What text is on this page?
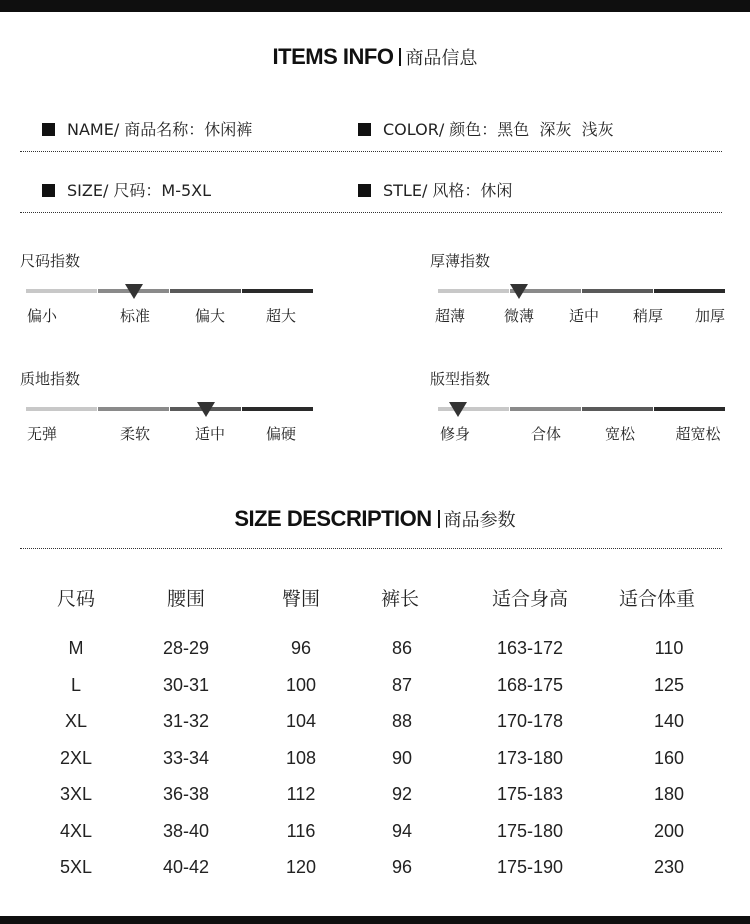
ITEMS INFO 商品信息
NAME/ 商品名称：休闲裤	COLOR/ 颜色：黑色  深灰  浅灰
SIZE/ 尺码：M-5XL	STLE/ 风格：休闲
尺码指数	厚薄指数
质地指数	版型指数
偏小	标准	偏大	超大	超薄	微薄 适中 稍厚 加厚
无弹	柔软	适中	偏硬	修身	合体	宽松	超宽松
SIZE DESCRIPTION 商品参数
尺码	腰围	臀围	裤长	适合身高	适合体重
M	28-29	96	86	163-172	110
L	30-31	100	87	168-175	125
XL	31-32	104	88	170-178	140
2XL	33-34	108	90	173-180	160
3XL	36-38	112	92	175-183	180
4XL	38-40	116	94	175-180	200
5XL	40-42	120	96	175-190	230
